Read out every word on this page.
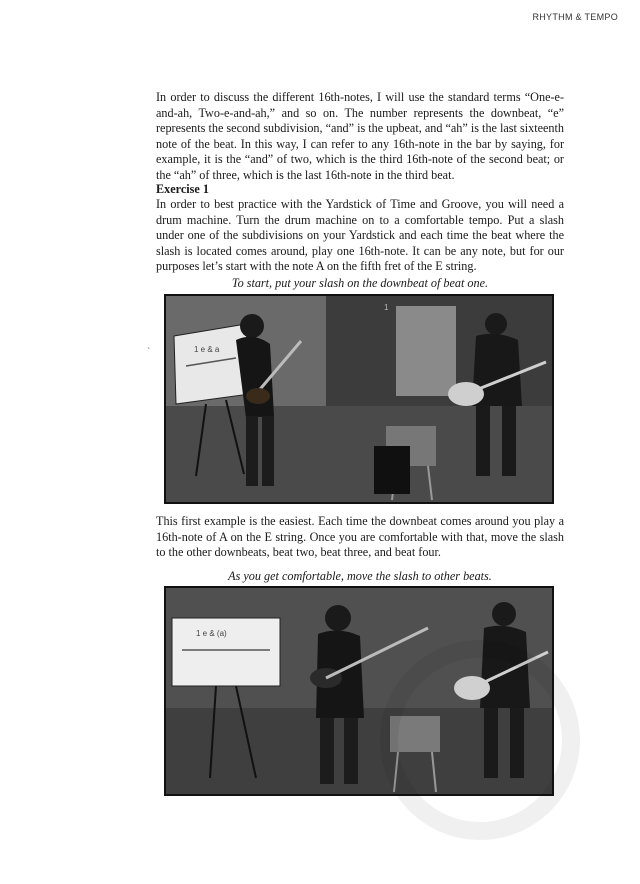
RHYTHM & TEMPO

In order to discuss the different 16th-notes, I will use the standard terms “One-e-and-ah, Two-e-and-ah,” and so on. The number represents the downbeat, “e” represents the second subdivision, “and” is the upbeat, and “ah” is the last sixteenth note of the beat. In this way, I can refer to any 16th-note in the bar by saying, for example, it is the “and” of two, which is the third 16th-note of the second beat; or the “ah” of three, which is the last 16th-note in the third beat.

Exercise 1

In order to best practice with the Yardstick of Time and Groove, you will need a drum machine. Turn the drum machine on to a comfortable tempo. Put a slash under one of the subdivisions on your Yardstick and each time the beat where the slash is located comes around, play one 16th-note. It can be any note, but for our purposes let’s start with the note A on the fifth fret of the E string.

To start, put your slash on the downbeat of beat one.

`	1 e & a
1

This first example is the easiest. Each time the downbeat comes around you play a 16th-note of A on the E string. Once you are comfortable with that, move the slash to the other downbeats, beat two, beat three, and beat four.

As you get comfortable, move the slash to other beats.

1 e & (a)
